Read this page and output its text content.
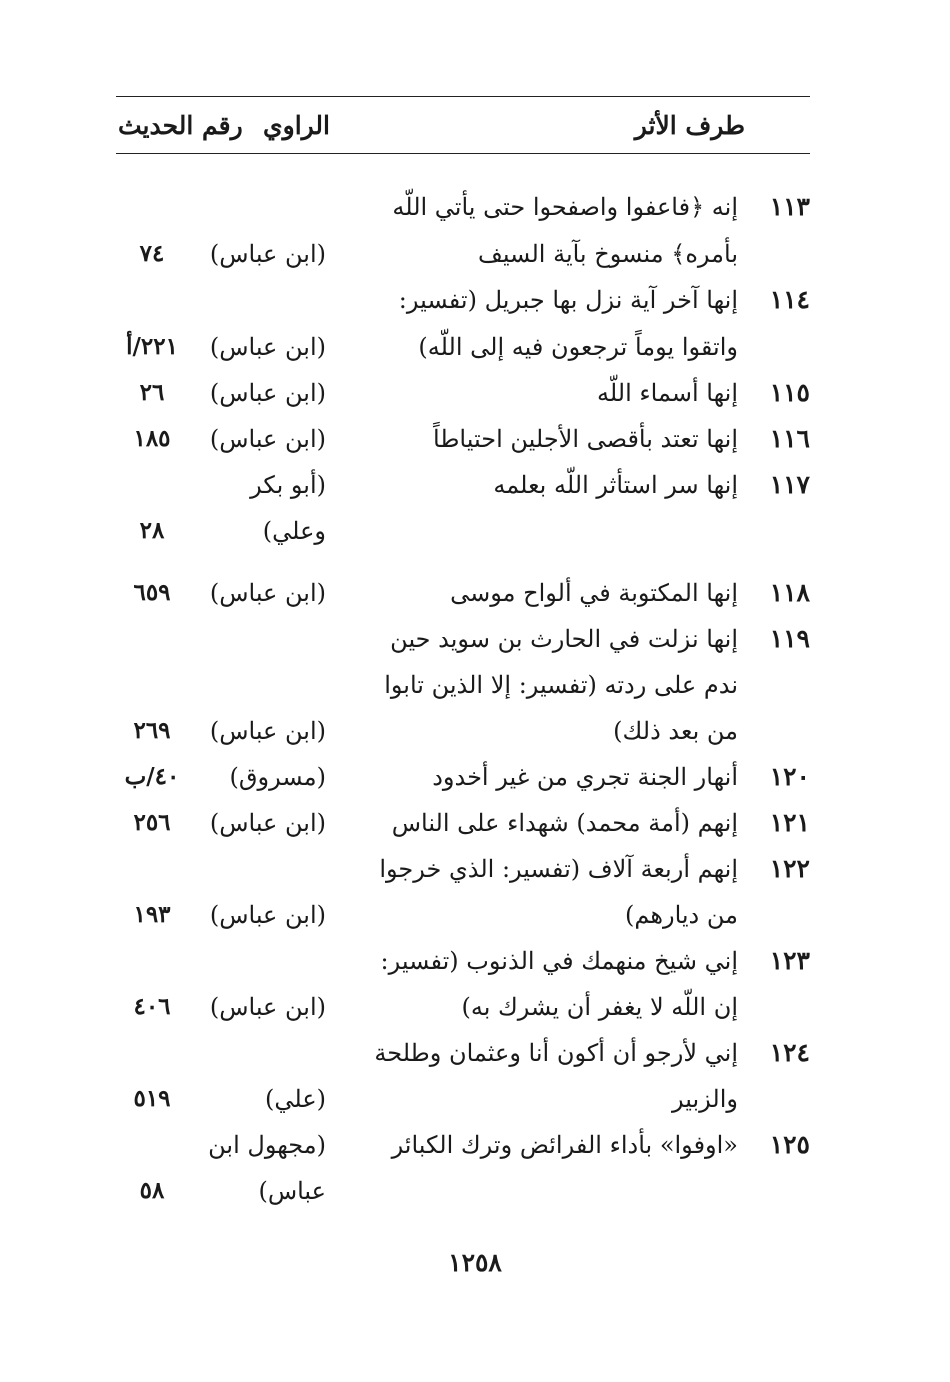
طرف الأثر
الراوي
رقم الحديث
١١٣
إنه ﴿فاعفوا واصفحوا حتى يأتي اللّه
بأمره﴾ منسوخ بآية السيف
(ابن عباس)
٧٤
١١٤
إنها آخر آية نزل بها جبريل (تفسير:
واتقوا يوماً ترجعون فيه إلى اللّه)
(ابن عباس)
٢٢١/أ
١١٥
إنها أسماء اللّه
(ابن عباس)
٢٦
١١٦
إنها تعتد بأقصى الأجلين احتياطاً
(ابن عباس)
١٨٥
١١٧
إنها سر استأثر اللّه بعلمه
(أبو بكر
وعلي)
٢٨
١١٨
إنها المكتوبة في ألواح موسى
(ابن عباس)
٦٥٩
١١٩
إنها نزلت في الحارث بن سويد حين
ندم على ردته (تفسير: إلا الذين تابوا
من بعد ذلك)
(ابن عباس)
٢٦٩
١٢٠
أنهار الجنة تجري من غير أخدود
(مسروق)
٤٠/ب
١٢١
إنهم (أمة محمد) شهداء على الناس
(ابن عباس)
٢٥٦
١٢٢
إنهم أربعة آلاف (تفسير: الذي خرجوا
من ديارهم)
(ابن عباس)
١٩٣
١٢٣
إني شيخ منهمك في الذنوب (تفسير:
إن اللّه لا يغفر أن يشرك به)
(ابن عباس)
٤٠٦
١٢٤
إني لأرجو أن أكون أنا وعثمان وطلحة
والزبير
(علي)
٥١٩
١٢٥
«اوفوا» بأداء الفرائض وترك الكبائر
(مجهول ابن
عباس)
٥٨
١٢٥٨
